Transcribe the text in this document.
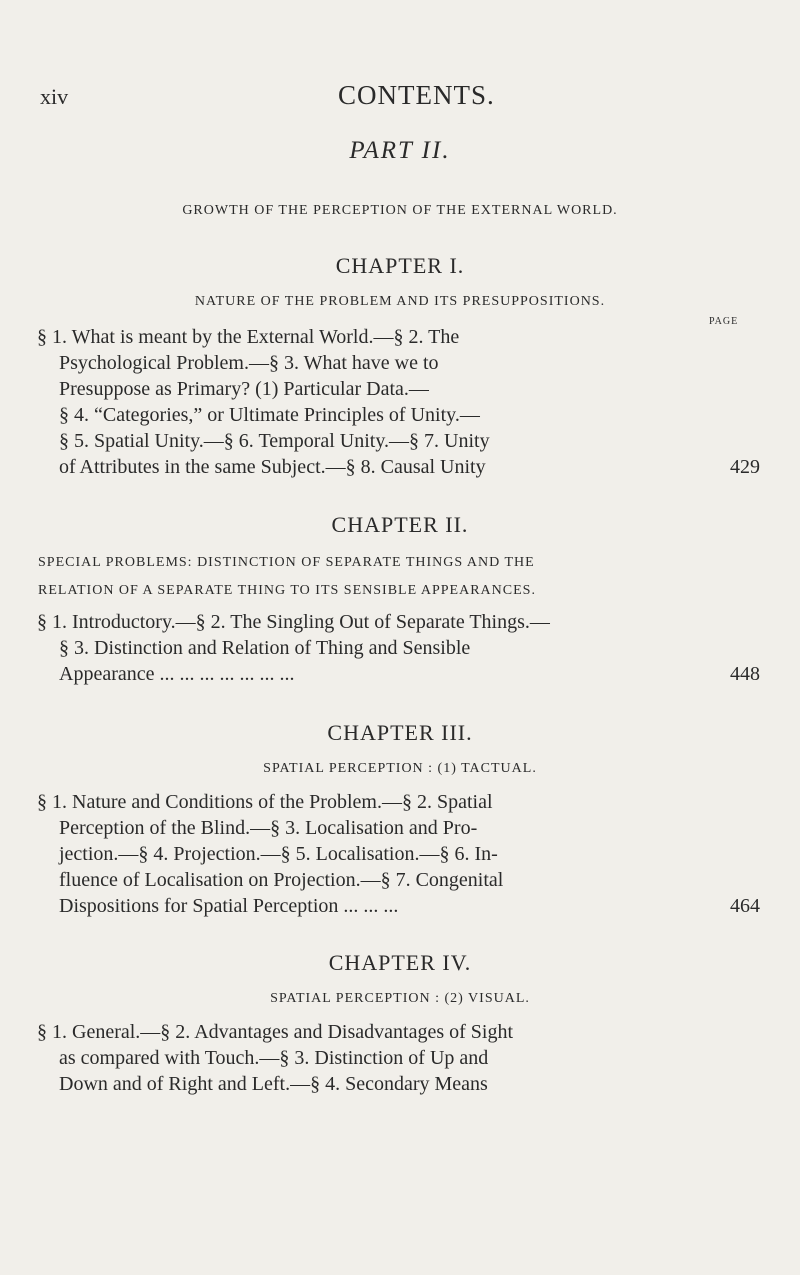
xiv	CONTENTS.
PART II.
GROWTH OF THE PERCEPTION OF THE EXTERNAL WORLD.
CHAPTER I.
NATURE OF THE PROBLEM AND ITS PRESUPPOSITIONS.
PAGE
§ 1. What is meant by the External World.—§ 2. The
Psychological Problem.—§ 3. What have we to
Presuppose as Primary? (1) Particular Data.—
§ 4. “Categories,” or Ultimate Principles of Unity.—
§ 5. Spatial Unity.—§ 6. Temporal Unity.—§ 7. Unity
of Attributes in the same Subject.—§ 8. Causal Unity	429
CHAPTER II.
SPECIAL PROBLEMS: DISTINCTION OF SEPARATE THINGS AND THE
RELATION OF A SEPARATE THING TO ITS SENSIBLE APPEARANCES.
§ 1. Introductory.—§ 2. The Singling Out of Separate Things.—
§ 3. Distinction and Relation of Thing and Sensible
Appearance ... ... ... ... ... ... ...	448
CHAPTER III.
SPATIAL PERCEPTION : (1) TACTUAL.
§ 1. Nature and Conditions of the Problem.—§ 2. Spatial
Perception of the Blind.—§ 3. Localisation and Pro-
jection.—§ 4. Projection.—§ 5. Localisation.—§ 6. In-
fluence of Localisation on Projection.—§ 7. Congenital
Dispositions for Spatial Perception ... ... ...	464
CHAPTER IV.
SPATIAL PERCEPTION : (2) VISUAL.
§ 1. General.—§ 2. Advantages and Disadvantages of Sight
as compared with Touch.—§ 3. Distinction of Up and
Down and of Right and Left.—§ 4. Secondary Means
